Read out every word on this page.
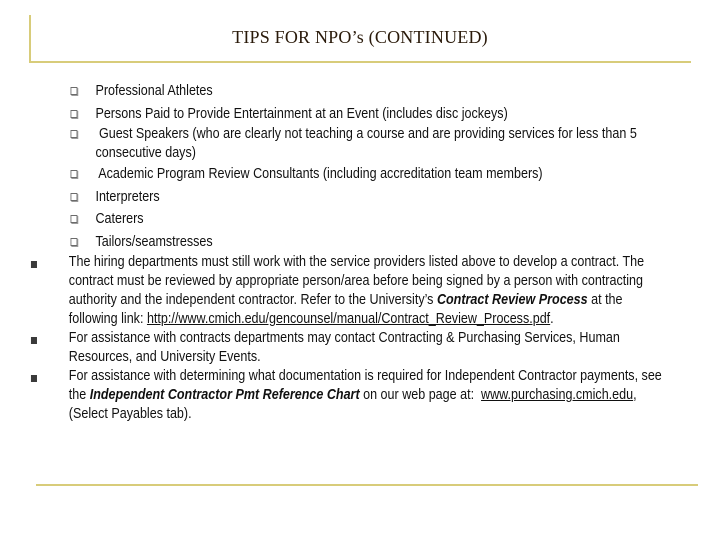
TIPS FOR NPO’s (CONTINUED)
Professional Athletes
Persons Paid to Provide Entertainment at an Event (includes disc jockeys)
Guest Speakers (who are clearly not teaching a course and are providing services for less than 5
consecutive days)
Academic Program Review Consultants (including accreditation team members)
Interpreters
Caterers
Tailors/seamstresses
The hiring departments must still work with the service providers listed above to develop a contract. The
contract must be reviewed by appropriate person/area before being signed by a person with contracting
authority and the independent contractor. Refer to the University’s Contract Review Process at the
following link: http://www.cmich.edu/gencounsel/manual/Contract_Review_Process.pdf.
For assistance with contracts departments may contact Contracting & Purchasing Services, Human
Resources, and University Events.
For assistance with determining what documentation is required for Independent Contractor payments, see
the Independent Contractor Pmt Reference Chart on our web page at:  www.purchasing.cmich.edu,
(Select Payables tab).
